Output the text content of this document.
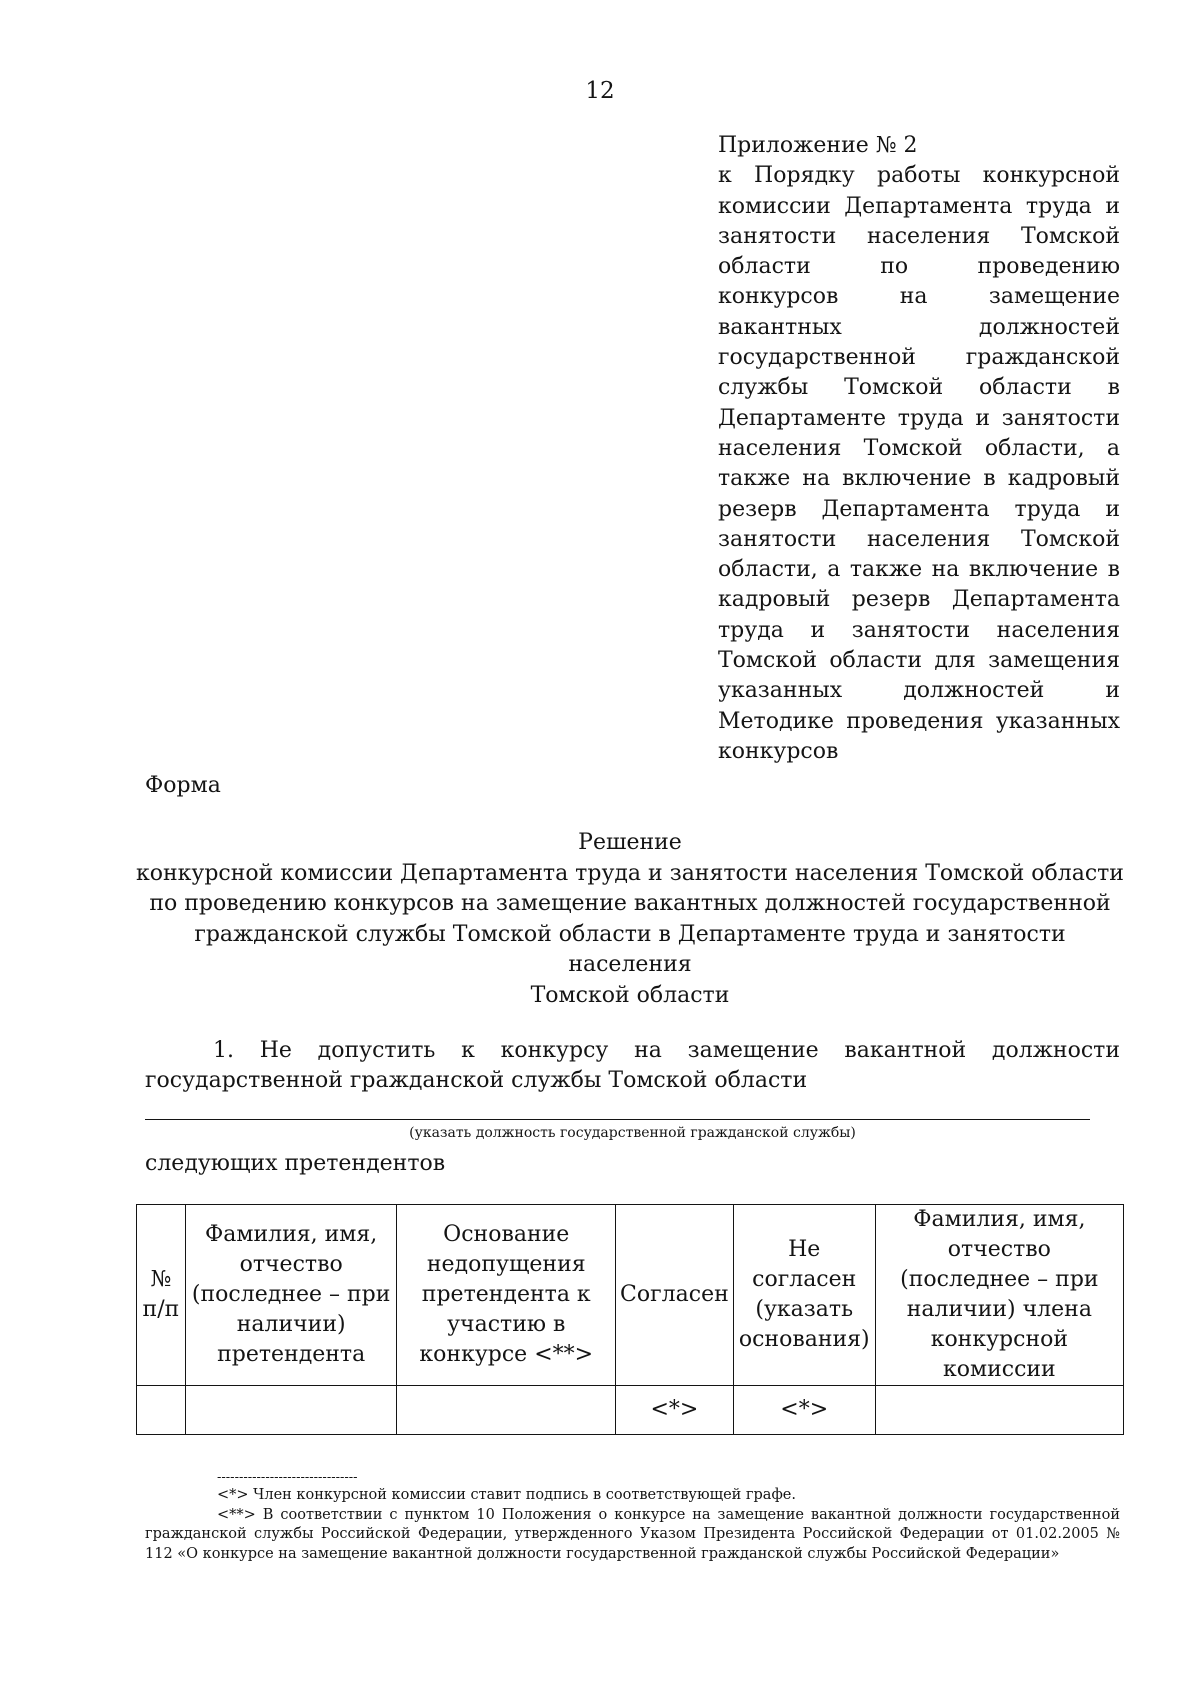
12
Приложение № 2
к Порядку работы конкурсной комиссии Департамента труда и занятости населения Томской области по проведению конкурсов на замещение вакантных должностей государственной гражданской службы Томской области в Департаменте труда и занятости населения Томской области, а также на включение в кадровый резерв Департамента труда и занятости населения Томской области, а также на включение в кадровый резерв Департамента труда и занятости населения Томской области для замещения указанных должностей и Методике проведения указанных конкурсов
Форма
Решение
конкурсной комиссии Департамента труда и занятости населения Томской области
по проведению конкурсов на замещение вакантных должностей государственной
гражданской службы Томской области в Департаменте труда и занятости населения
Томской области
1. Не допустить к конкурсу на замещение вакантной должности государственной гражданской службы Томской области
(указать должность государственной гражданской службы)
следующих претендентов
№ п/п	Фамилия, имя, отчество (последнее – при наличии) претендента	Основание недопущения претендента к участию в конкурсе <**>	Согласен	Не согласен (указать основания)	Фамилия, имя, отчество (последнее – при наличии) члена конкурсной комиссии
			<*>	<*>	
--------------------------------
<*> Член конкурсной комиссии ставит подпись в соответствующей графе.
<**> В соответствии с пунктом 10 Положения о конкурсе на замещение вакантной должности государственной гражданской службы Российской Федерации, утвержденного Указом Президента Российской Федерации от 01.02.2005 № 112 «О конкурсе на замещение вакантной должности государственной гражданской службы Российской Федерации»
